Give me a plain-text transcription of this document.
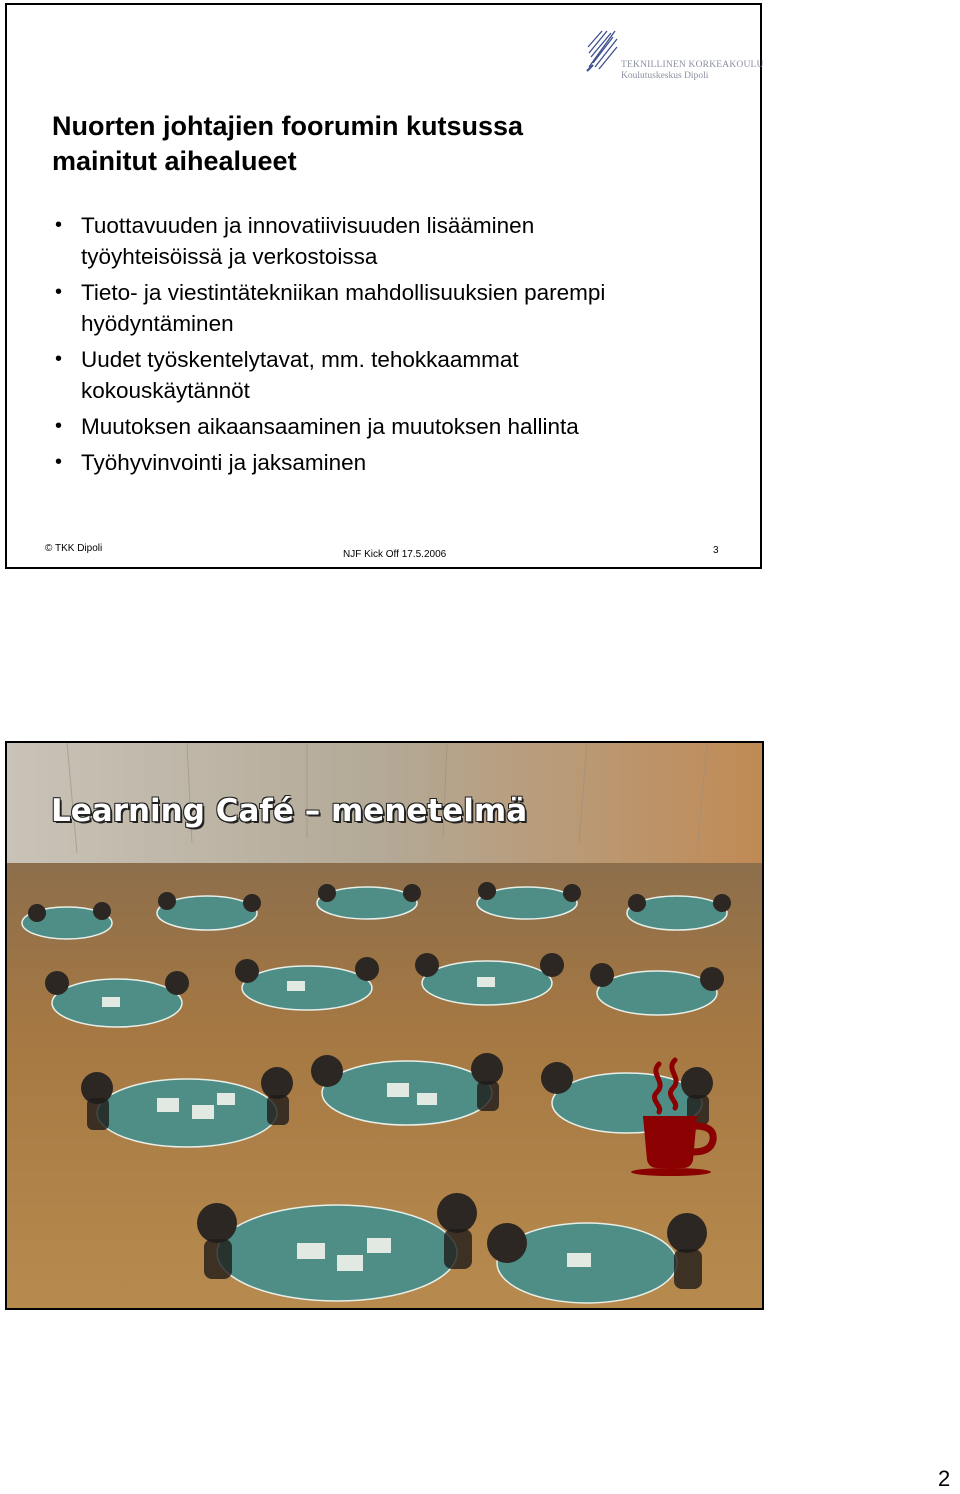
TEKNILLINEN KORKEAKOULU
Koulutuskeskus Dipoli
Nuorten johtajien foorumin kutsussa
mainitut aihealueet
• Tuottavuuden ja innovatiivisuuden lisääminen
työyhteisöissä ja verkostoissa
• Tieto- ja viestintätekniikan mahdollisuuksien parempi
hyödyntäminen
• Uudet työskentelytavat, mm. tehokkaammat
kokouskäytännöt
• Muutoksen aikaansaaminen ja muutoksen hallinta
• Työhyvinvointi ja jaksaminen
© TKK Dipoli
NJF Kick Off 17.5.2006	3
Learning Café – menetelmä
2
